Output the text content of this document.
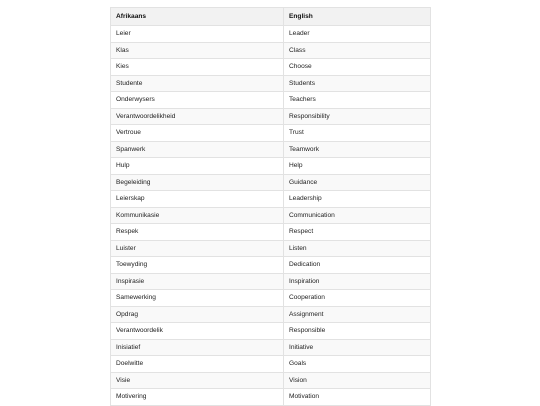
Afrikaans	English
Leier	Leader
Klas	Class
Kies	Choose
Studente	Students
Onderwysers	Teachers
Verantwoordelikheid	Responsibility
Vertroue	Trust
Spanwerk	Teamwork
Hulp	Help
Begeleiding	Guidance
Leierskap	Leadership
Kommunikasie	Communication
Respek	Respect
Luister	Listen
Toewyding	Dedication
Inspirasie	Inspiration
Samewerking	Cooperation
Opdrag	Assignment
Verantwoordelik	Responsible
Inisiatief	Initiative
Doelwitte	Goals
Visie	Vision
Motivering	Motivation
